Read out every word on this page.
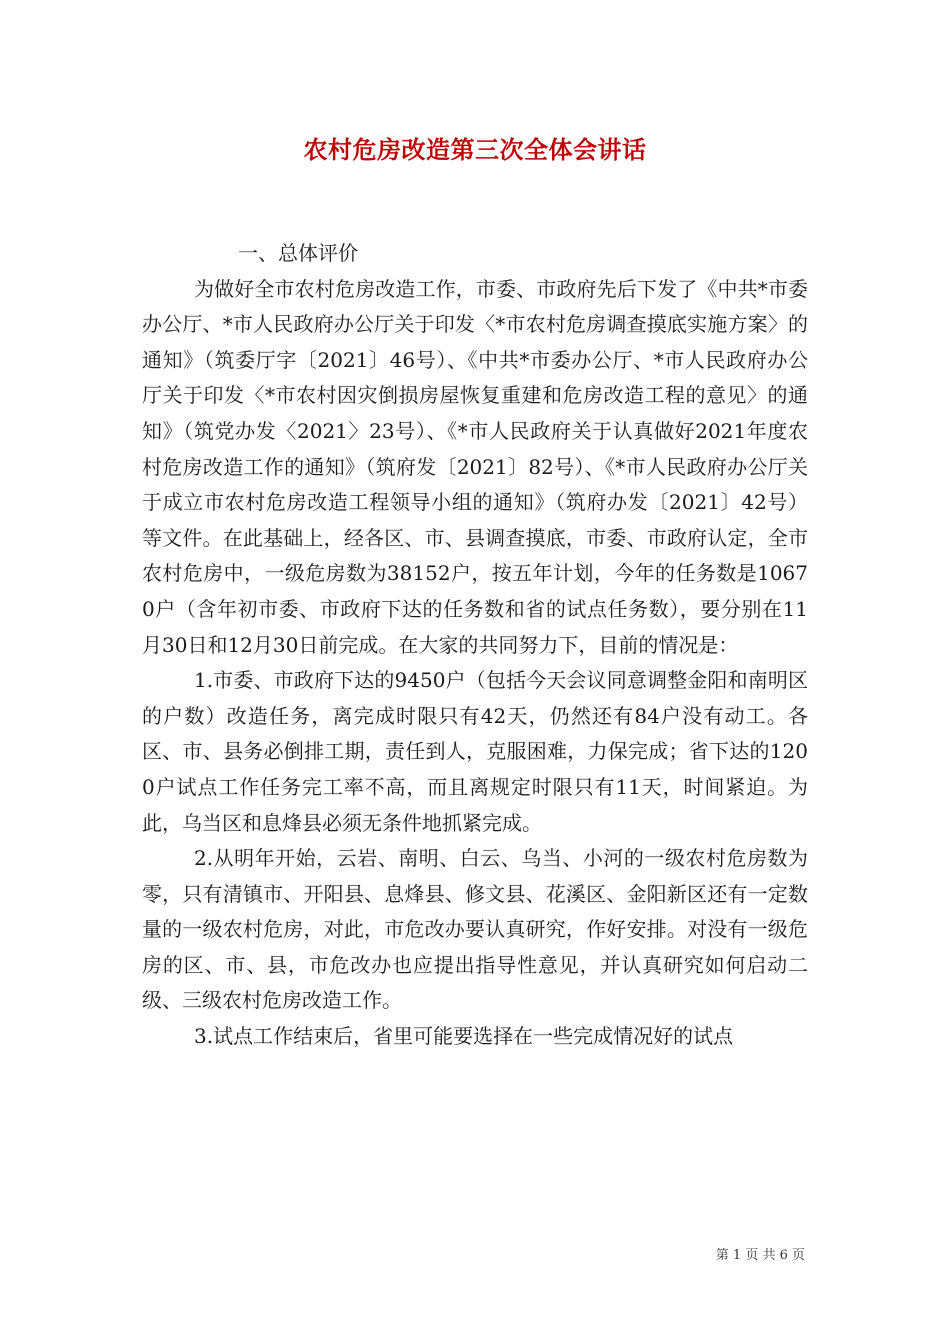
农村危房改造第三次全体会讲话

一、总体评价

为做好全市农村危房改造工作，市委、市政府先后下发了《中共*市委办公厅、*市人民政府办公厅关于印发〈*市农村危房调查摸底实施方案〉的通知》（筑委厅字〔2021〕46号）、《中共*市委办公厅、*市人民政府办公厅关于印发〈*市农村因灾倒损房屋恢复重建和危房改造工程的意见〉的通知》（筑党办发〈2021〉23号）、《*市人民政府关于认真做好2021年度农村危房改造工作的通知》（筑府发〔2021〕82号）、《*市人民政府办公厅关于成立市农村危房改造工程领导小组的通知》（筑府办发〔2021〕42号）等文件。在此基础上，经各区、市、县调查摸底，市委、市政府认定，全市农村危房中，一级危房数为38152户，按五年计划，今年的任务数是10670户（含年初市委、市政府下达的任务数和省的试点任务数），要分别在11月30日和12月30日前完成。在大家的共同努力下，目前的情况是：

1.市委、市政府下达的9450户（包括今天会议同意调整金阳和南明区的户数）改造任务，离完成时限只有42天，仍然还有84户没有动工。各区、市、县务必倒排工期，责任到人，克服困难，力保完成；省下达的1200户试点工作任务完工率不高，而且离规定时限只有11天，时间紧迫。为此，乌当区和息烽县必须无条件地抓紧完成。

2.从明年开始，云岩、南明、白云、乌当、小河的一级农村危房数为零，只有清镇市、开阳县、息烽县、修文县、花溪区、金阳新区还有一定数量的一级农村危房，对此，市危改办要认真研究，作好安排。对没有一级危房的区、市、县，市危改办也应提出指导性意见，并认真研究如何启动二级、三级农村危房改造工作。

3.试点工作结束后，省里可能要选择在一些完成情况好的试点

第 1 页 共 6 页
